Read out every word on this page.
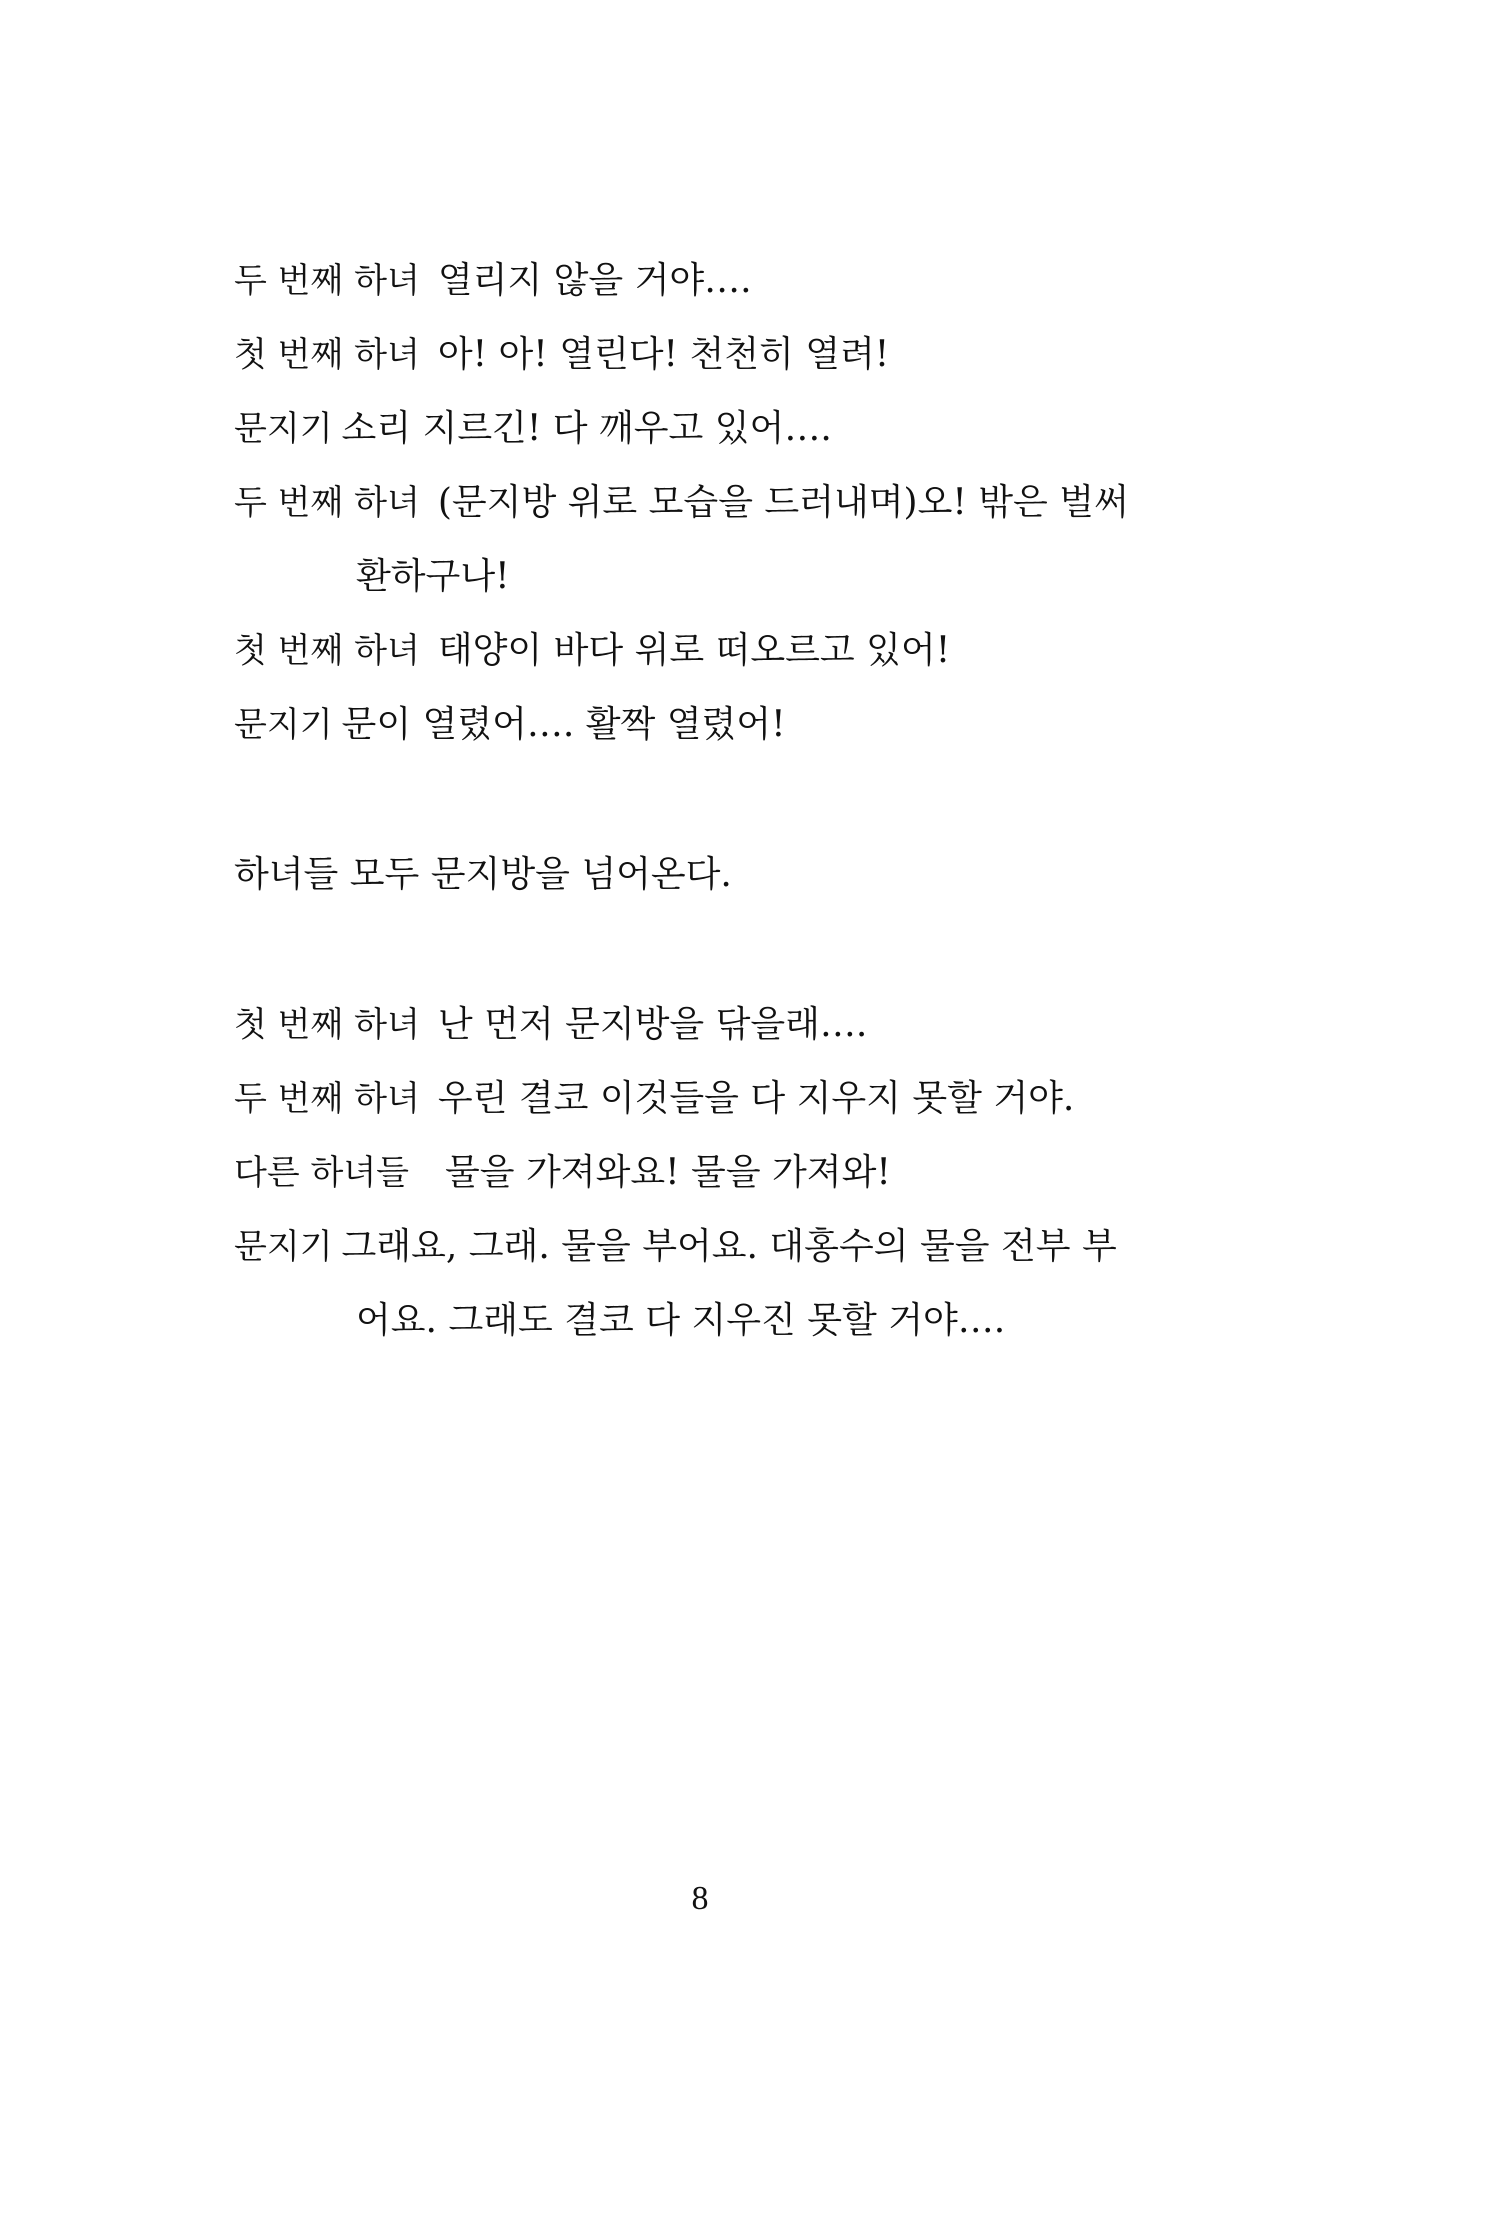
두 번째 하녀 열리지 않을 거야….
첫 번째 하녀 아! 아! 열린다! 천천히 열려!
문지기 소리 지르긴! 다 깨우고 있어….
두 번째 하녀 (문지방 위로 모습을 드러내며)오! 밖은 벌써
환하구나!
첫 번째 하녀 태양이 바다 위로 떠오르고 있어!
문지기 문이 열렸어…. 활짝 열렸어!
하녀들 모두 문지방을 넘어온다.
첫 번째 하녀 난 먼저 문지방을 닦을래….
두 번째 하녀 우린 결코 이것들을 다 지우지 못할 거야.
다른 하녀들 물을 가져와요! 물을 가져와!
문지기 그래요, 그래. 물을 부어요. 대홍수의 물을 전부 부
어요. 그래도 결코 다 지우진 못할 거야….
8
